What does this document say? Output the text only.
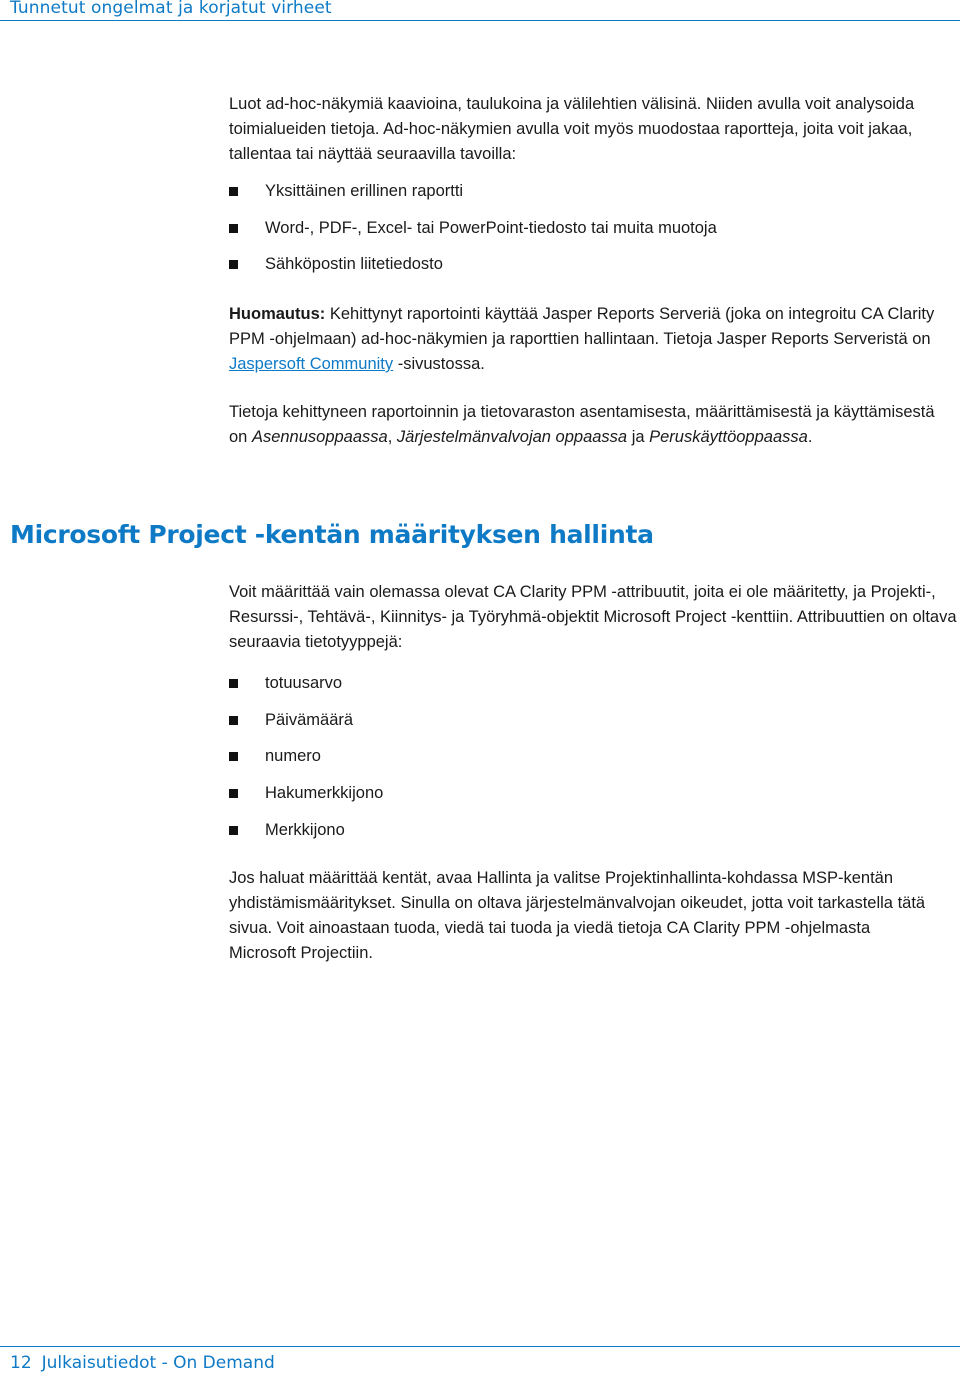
Tunnetut ongelmat ja korjatut virheet

Luot ad-hoc-näkymiä kaavioina, taulukoina ja välilehtien välisinä. Niiden avulla voit analysoida toimialueiden tietoja. Ad-hoc-näkymien avulla voit myös muodostaa raportteja, joita voit jakaa, tallentaa tai näyttää seuraavilla tavoilla:

Yksittäinen erillinen raportti
Word-, PDF-, Excel- tai PowerPoint-tiedosto tai muita muotoja
Sähköpostin liitetiedosto

Huomautus: Kehittynyt raportointi käyttää Jasper Reports Serveriä (joka on integroitu CA Clarity PPM -ohjelmaan) ad-hoc-näkymien ja raporttien hallintaan. Tietoja Jasper Reports Serveristä on Jaspersoft Community -sivustossa.

Tietoja kehittyneen raportoinnin ja tietovaraston asentamisesta, määrittämisestä ja käyttämisestä on Asennusoppaassa, Järjestelmänvalvojan oppaassa ja Peruskäyttöoppaassa.

Microsoft Project -kentän määrityksen hallinta

Voit määrittää vain olemassa olevat CA Clarity PPM -attribuutit, joita ei ole määritetty, ja Projekti-, Resurssi-, Tehtävä-, Kiinnitys- ja Työryhmä-objektit Microsoft Project -kenttiin. Attribuuttien on oltava seuraavia tietotyyppejä:

totuusarvo
Päivämäärä
numero
Hakumerkkijono
Merkkijono

Jos haluat määrittää kentät, avaa Hallinta ja valitse Projektinhallinta-kohdassa MSP-kentän yhdistämismääritykset. Sinulla on oltava järjestelmänvalvojan oikeudet, jotta voit tarkastella tätä sivua. Voit ainoastaan tuoda, viedä tai tuoda ja viedä tietoja CA Clarity PPM -ohjelmasta Microsoft Projectiin.

12 Julkaisutiedot - On Demand
